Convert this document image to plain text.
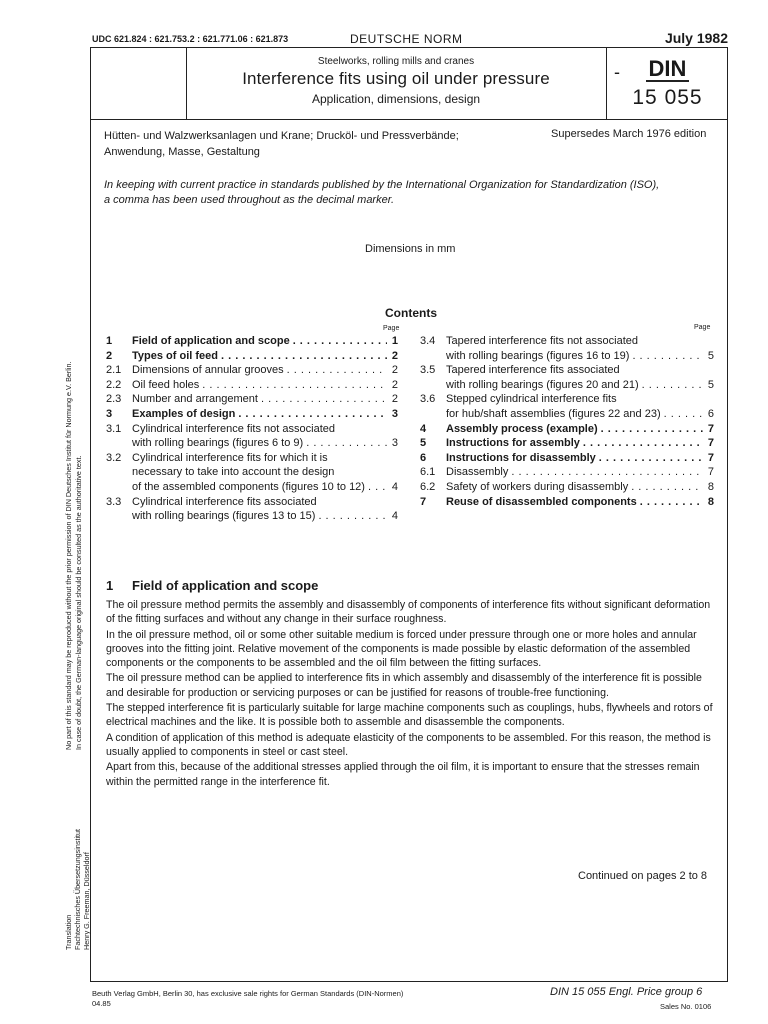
UDC 621.824 : 621.753.2 : 621.771.06 : 621.873	DEUTSCHE NORM	July 1982
Steelworks, rolling mills and cranes
Interference fits using oil under pressure
Application, dimensions, design
-	DIN
15 055
Hütten- und Walzwerksanlagen und Krane; Drucköl- und Pressverbände;
Anwendung, Masse, Gestaltung
Supersedes March 1976 edition
In keeping with current practice in standards published by the International Organization for Standardization (ISO),
a comma has been used throughout as the decimal marker.
Dimensions in mm
Contents
Page	Page
1	Field of application and scope . . .	1
2	Types of oil feed . . .	2
2.1 Dimensions of annular grooves . . .	2
2.2 Oil feed holes . . .	2
2.3 Number and arrangement . . .	2
3	Examples of design . . .	3
3.1 Cylindrical interference fits not associated
with rolling bearings (figures 6 to 9) . . .	3
3.2 Cylindrical interference fits for which it is
necessary to take into account the design
of the assembled components (figures 10 to 12) . . . 4
3.3 Cylindrical interference fits associated
with rolling bearings (figures 13 to 15) . . .	4
3.4 Tapered interference fits not associated
with rolling bearings (figures 16 to 19) . . .	5
3.5 Tapered interference fits associated
with rolling bearings (figures 20 and 21) . . .	5
3.6 Stepped cylindrical interference fits
for hub/shaft assemblies (figures 22 and 23) . . .	6
4	Assembly process (example) . . .	7
5	Instructions for assembly . . .	7
6	Instructions for disassembly . . .	7
6.1 Disassembly . . .	7
6.2 Safety of workers during disassembly . . .	8
7	Reuse of disassembled components . . .	8
1 Field of application and scope

The oil pressure method permits the assembly and disassembly of components of interference fits without significant deformation of the fitting surfaces and without any change in their surface roughness.

In the oil pressure method, oil or some other suitable medium is forced under pressure through one or more holes and annular grooves into the fitting joint. Relative movement of the components is made possible by elastic deformation of the assembled components or the components to be assembled and the oil film between the fitting surfaces.

The oil pressure method can be applied to interference fits in which assembly and disassembly of the interference fit is possible and desirable for production or servicing purposes or can be justified for reasons of trouble-free functioning.

The stepped interference fit is particularly suitable for large machine components such as couplings, hubs, flywheels and rotors of electrical machines and the like. It is possible both to assemble and disassemble the components.

A condition of application of this method is adequate elasticity of the components to be assembled. For this reason, the method is usually applied to components in steel or cast steel.

Apart from this, because of the additional stresses applied through the oil film, it is important to ensure that the stresses remain within the permitted range in the interference fit.

Continued on pages 2 to 8
No part of this standard may be reproduced without the prior permission of DIN Deutsches Institut für Normung e.V. Berlin. In case of doubt, the German-language original should be consulted as the authoritative text.
Translation Fachtechnisches Übersetzungsinstitut Henry G. Freeman, Düsseldorf
Beuth Verlag GmbH, Berlin 30, has exclusive sale rights for German Standards (DIN-Normen)
04.85
DIN 15 055 Engl. Price group 6
Sales No. 0106
